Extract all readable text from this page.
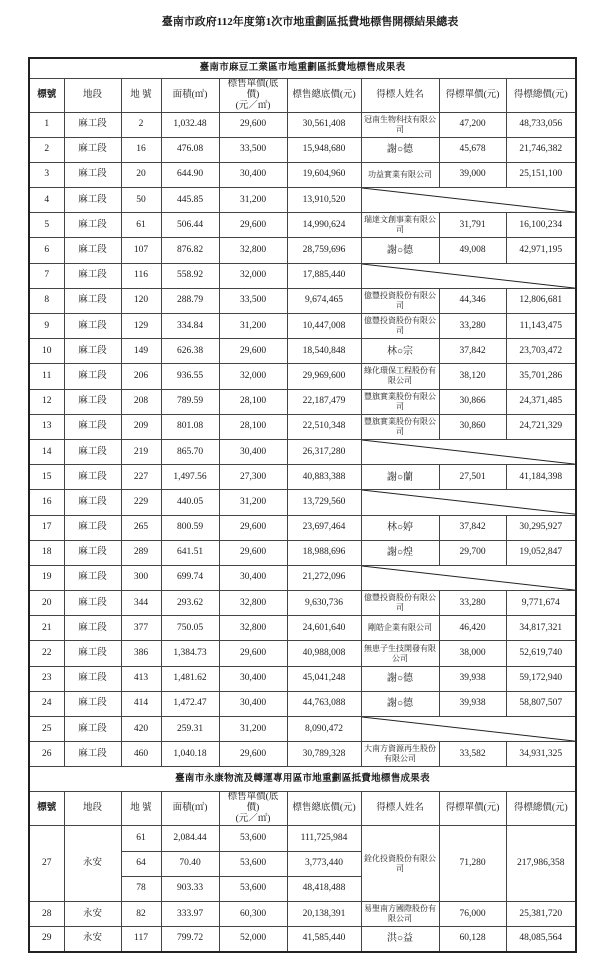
臺南市政府112年度第1次市地重劃區抵費地標售開標結果總表
臺南市麻豆工業區市地重劃區抵費地標售成果表								
標號	地段	地 號	面積(㎡)	標售單價(底價)
(元／㎡)	標售總底價(元)	得標人姓名	得標單價(元)	得標總價(元)
1	麻工段	2	1,032.48	29,600	30,561,408	冠南生物科技有限公司	47,200	48,733,056
2	麻工段	16	476.08	33,500	15,948,680	謝○德	45,678	21,746,382
3	麻工段	20	644.90	30,400	19,604,960	功益實業有限公司	39,000	25,151,100
4	麻工段	50	445.85	31,200	13,910,520	

5	麻工段	61	506.44	29,600	14,990,624	瑞達文創事業有限公司	31,791	16,100,234
6	麻工段	107	876.82	32,800	28,759,696	謝○德	49,008	42,971,195
7	麻工段	116	558.92	32,000	17,885,440	

8	麻工段	120	288.79	33,500	9,674,465	億豐投資股份有限公司	44,346	12,806,681
9	麻工段	129	334.84	31,200	10,447,008	億豐投資股份有限公司	33,280	11,143,475
10	麻工段	149	626.38	29,600	18,540,848	林○宗	37,842	23,703,472
11	麻工段	206	936.55	32,000	29,969,600	綠化環保工程股份有限公司	38,120	35,701,286
12	麻工段	208	789.59	28,100	22,187,479	豐旗實業股份有限公司	30,866	24,371,485
13	麻工段	209	801.08	28,100	22,510,348	豐旗實業股份有限公司	30,860	24,721,329
14	麻工段	219	865.70	30,400	26,317,280	

15	麻工段	227	1,497.56	27,300	40,883,388	謝○蘭	27,501	41,184,398
16	麻工段	229	440.05	31,200	13,729,560	

17	麻工段	265	800.59	29,600	23,697,464	林○婷	37,842	30,295,927
18	麻工段	289	641.51	29,600	18,988,696	謝○煌	29,700	19,052,847
19	麻工段	300	699.74	30,400	21,272,096	

20	麻工段	344	293.62	32,800	9,630,736	億豐投資股份有限公司	33,280	9,771,674
21	麻工段	377	750.05	32,800	24,601,640	剛皓企業有限公司	46,420	34,817,321
22	麻工段	386	1,384.73	29,600	40,988,008	無患子生技開發有限公司	38,000	52,619,740
23	麻工段	413	1,481.62	30,400	45,041,248	謝○德	39,938	59,172,940
24	麻工段	414	1,472.47	30,400	44,763,088	謝○德	39,938	58,807,507
25	麻工段	420	259.31	31,200	8,090,472	

26	麻工段	460	1,040.18	29,600	30,789,328	大南方資源再生股份有限公司	33,582	34,931,325
臺南市永康物流及轉運專用區市地重劃區抵費地標售成果表								
標號	地段	地 號	面積(㎡)	標售單價(底價)
(元／㎡)	標售總底價(元)	得標人姓名	得標單價(元)	得標總價(元)
27	永安	61	2,084.44	53,600	111,725,984	銓化投資股份有限公司	71,280	217,986,358
		64	70.40	53,600	3,773,440			
		78	903.33	53,600	48,418,488			
28	永安	82	333.97	60,300	20,138,391	易聖南方國際股份有限公司	76,000	25,381,720
29	永安	117	799.72	52,000	41,585,440	洪○益	60,128	48,085,564
